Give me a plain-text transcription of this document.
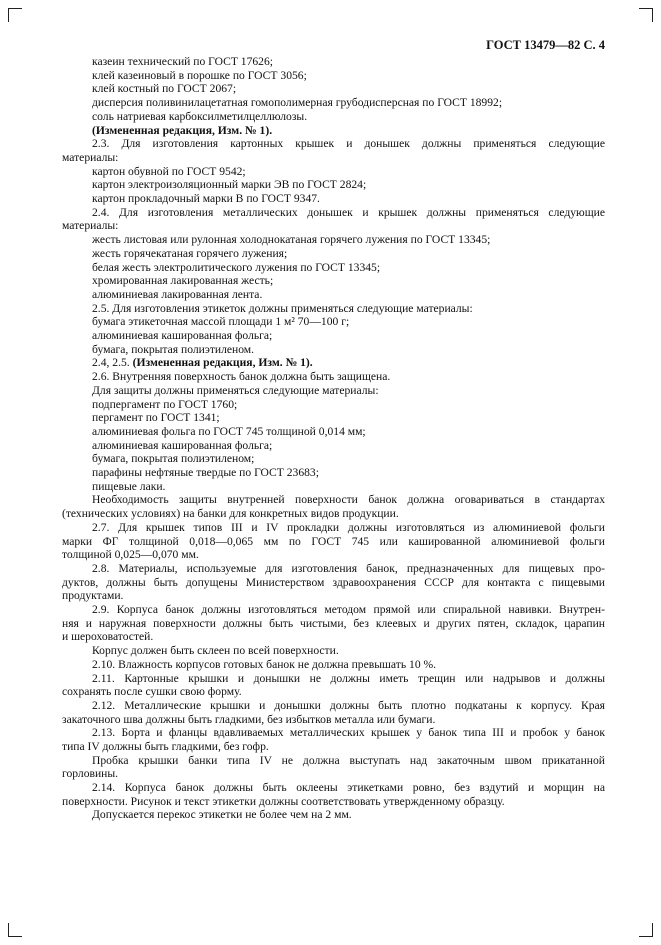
ГОСТ 13479—82 С. 4
казеин технический по ГОСТ 17626;
клей казеиновый в порошке по ГОСТ 3056;
клей костный по ГОСТ 2067;
дисперсия поливинилацетатная гомополимерная грубодисперсная по ГОСТ 18992;
соль натриевая карбоксилметилцеллюлозы.
(Измененная редакция, Изм. № 1).
2.3. Для изготовления картонных крышек и донышек должны применяться следующие
материалы:
картон обувной по ГОСТ 9542;
картон электроизоляционный марки ЭВ по ГОСТ 2824;
картон прокладочный марки В по ГОСТ 9347.
2.4. Для изготовления металлических донышек и крышек должны применяться следующие
материалы:
жесть листовая или рулонная холоднокатаная горячего лужения по ГОСТ 13345;
жесть горячекатаная горячего лужения;
белая жесть электролитического лужения по ГОСТ 13345;
хромированная лакированная жесть;
алюминиевая лакированная лента.
2.5. Для изготовления этикеток должны применяться следующие материалы:
бумага этикеточная массой площади 1 м² 70—100 г;
алюминиевая кашированная фольга;
бумага, покрытая полиэтиленом.
2.4, 2.5. (Измененная редакция, Изм. № 1).
2.6. Внутренняя поверхность банок должна быть защищена.
Для защиты должны применяться следующие материалы:
подпергамент по ГОСТ 1760;
пергамент по ГОСТ 1341;
алюминиевая фольга по ГОСТ 745 толщиной 0,014 мм;
алюминиевая кашированная фольга;
бумага, покрытая полиэтиленом;
парафины нефтяные твердые по ГОСТ 23683;
пищевые лаки.
Необходимость защиты внутренней поверхности банок должна оговариваться в стандартах
(технических условиях) на банки для конкретных видов продукции.
2.7. Для крышек типов III и IV прокладки должны изготовляться из алюминиевой фольги
марки ФГ толщиной 0,018—0,065 мм по ГОСТ 745 или кашированной алюминиевой фольги
толщиной 0,025—0,070 мм.
2.8. Материалы, используемые для изготовления банок, предназначенных для пищевых про-
дуктов, должны быть допущены Министерством здравоохранения СССР для контакта с пищевыми
продуктами.
2.9. Корпуса банок должны изготовляться методом прямой или спиральной навивки. Внутрен-
няя и наружная поверхности должны быть чистыми, без клеевых и других пятен, складок, царапин
и шероховатостей.
Корпус должен быть склеен по всей поверхности.
2.10. Влажность корпусов готовых банок не должна превышать 10 %.
2.11. Картонные крышки и донышки не должны иметь трещин или надрывов и должны
сохранять после сушки свою форму.
2.12. Металлические крышки и донышки должны быть плотно подкатаны к корпусу. Края
закаточного шва должны быть гладкими, без избытков металла или бумаги.
2.13. Борта и фланцы вдавливаемых металлических крышек у банок типа III и пробок у банок
типа IV должны быть гладкими, без гофр.
Пробка крышки банки типа IV не должна выступать над закаточным швом прикатанной
горловины.
2.14. Корпуса банок должны быть оклеены этикетками ровно, без вздутий и морщин на
поверхности. Рисунок и текст этикетки должны соответствовать утвержденному образцу.
Допускается перекос этикетки не более чем на 2 мм.
